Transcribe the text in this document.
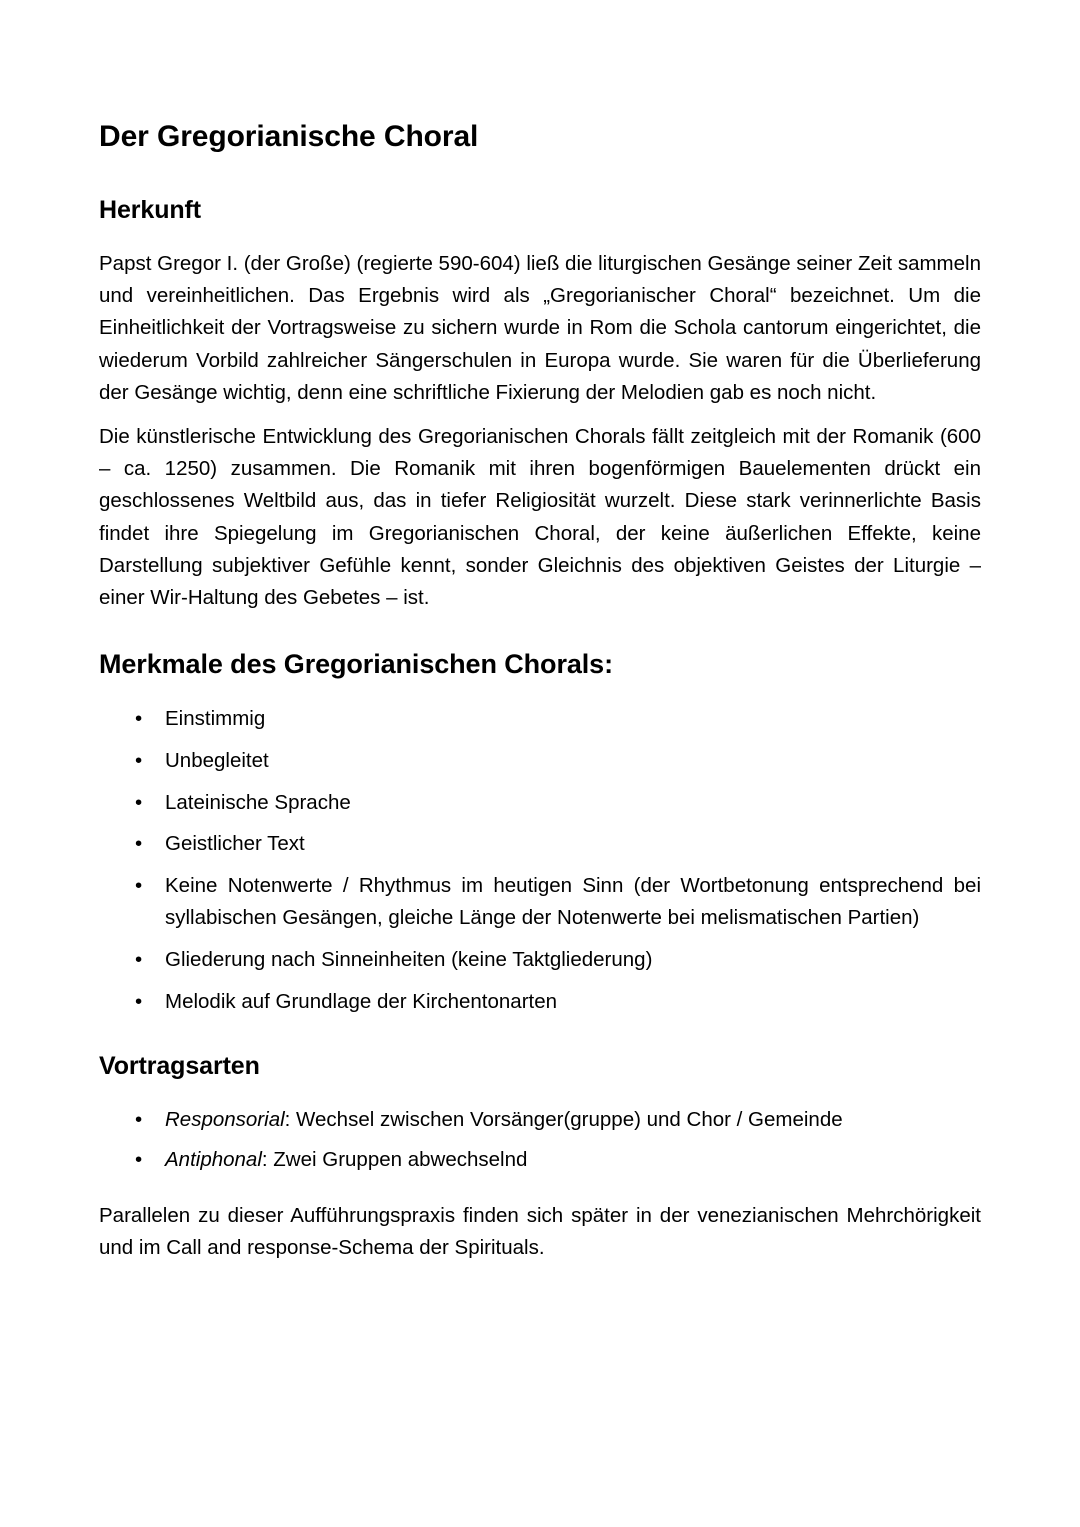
Der Gregorianische Choral
Herkunft

Papst Gregor I. (der Große) (regierte 590-604) ließ die liturgischen Gesänge seiner Zeit sammeln und vereinheitlichen. Das Ergebnis wird als „Gregorianischer Choral“ bezeichnet. Um die Einheitlichkeit der Vortragsweise zu sichern wurde in Rom die Schola cantorum eingerichtet, die wiederum Vorbild zahlreicher Sängerschulen in Europa wurde. Sie waren für die Überlieferung der Gesänge wichtig, denn eine schriftliche Fixierung der Melodien gab es noch nicht.

Die künstlerische Entwicklung des Gregorianischen Chorals fällt zeitgleich mit der Romanik (600 – ca. 1250) zusammen. Die Romanik mit ihren bogenförmigen Bauelementen drückt ein geschlossenes Weltbild aus, das in tiefer Religiosität wurzelt. Diese stark verinnerlichte Basis findet ihre Spiegelung im Gregorianischen Choral, der keine äußerlichen Effekte, keine Darstellung subjektiver Gefühle kennt, sonder Gleichnis des objektiven Geistes der Liturgie – einer Wir-Haltung des Gebetes – ist.

Merkmale des Gregorianischen Chorals:
• Einstimmig
• Unbegleitet
• Lateinische Sprache
• Geistlicher Text
• Keine Notenwerte / Rhythmus im heutigen Sinn (der Wortbetonung entsprechend bei syllabischen Gesängen, gleiche Länge der Notenwerte bei melismatischen Partien)
• Gliederung nach Sinneinheiten (keine Taktgliederung)
• Melodik auf Grundlage der Kirchentonarten
Vortragsarten
• Responsorial: Wechsel zwischen Vorsänger(gruppe) und Chor / Gemeinde
• Antiphonal: Zwei Gruppen abwechselnd

Parallelen zu dieser Aufführungspraxis finden sich später in der venezianischen Mehrchörigkeit und im Call and response-Schema der Spirituals.
